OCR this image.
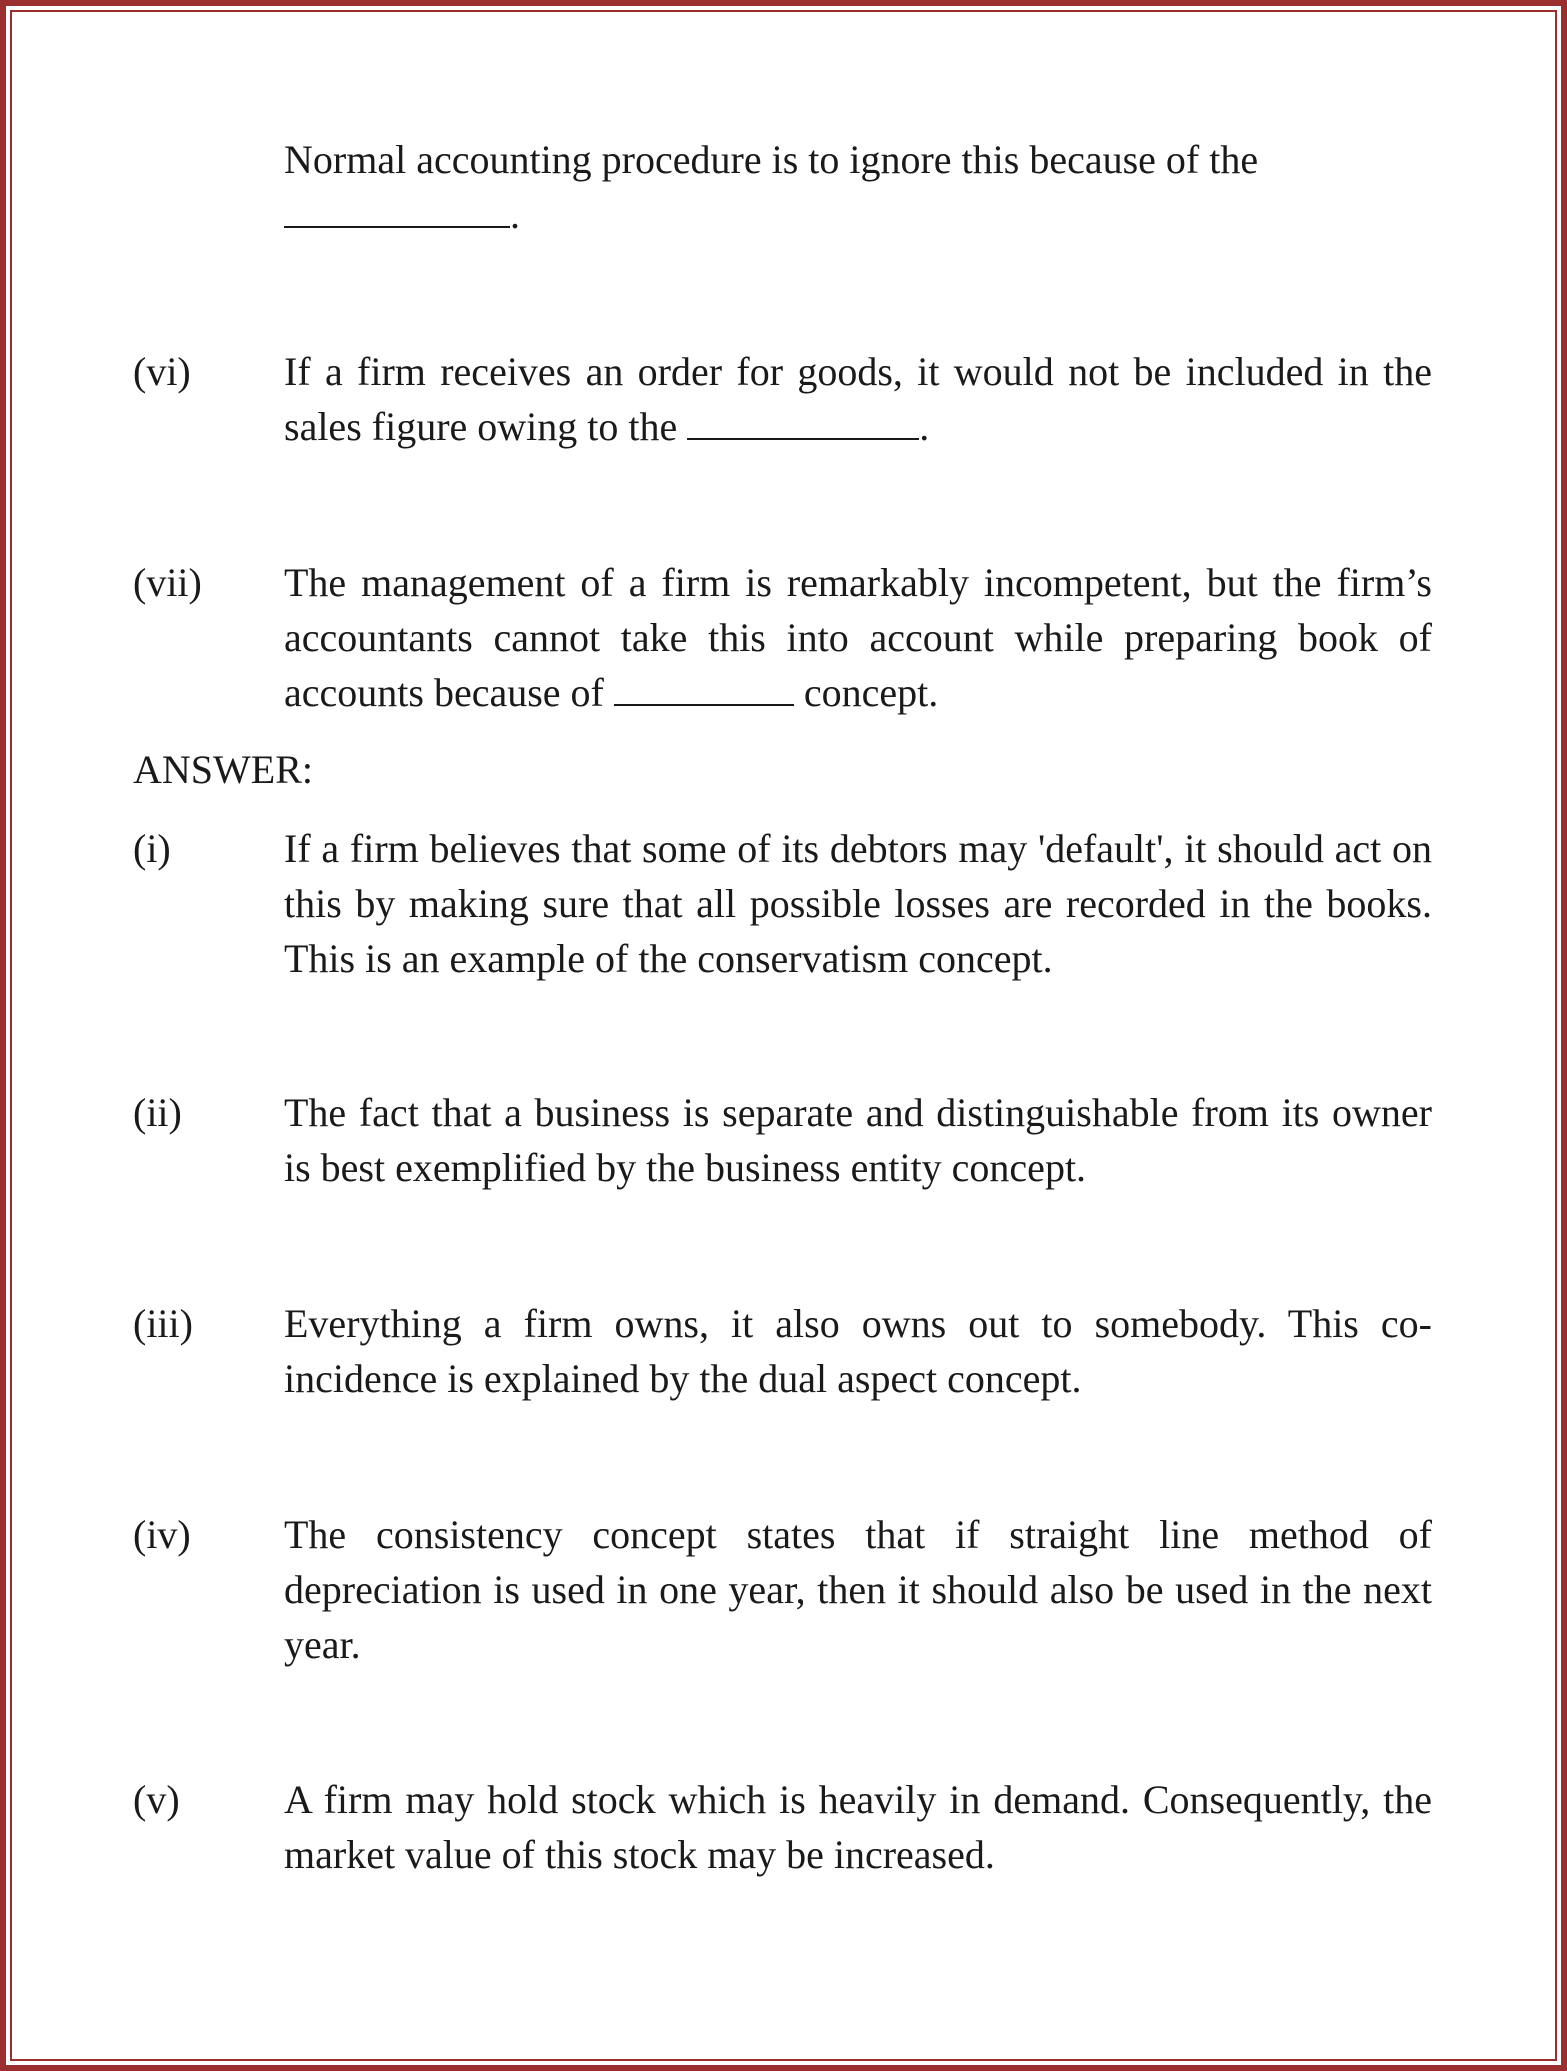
Normal accounting procedure is to ignore this because of the
.
(vi) If a firm receives an order for goods, it would not be included in the sales figure owing to the	.
(vii) The management of a firm is remarkably incompetent, but the firm’s accountants cannot take this into account while preparing book of accounts because of	concept.
ANSWER:
(i)	If a firm believes that some of its debtors may 'default', it should act on this by making sure that all possible losses are recorded in the books. This is an example of the conservatism concept.
(ii)	The fact that a business is separate and distinguishable from its owner is best exemplified by the business entity concept.
(iii) Everything a firm owns, it also owns out to somebody. This co-incidence is explained by the dual aspect concept.
(iv) The consistency concept states that if straight line method of depreciation is used in one year, then it should also be used in the next year.
(v)	A firm may hold stock which is heavily in demand. Consequently, the market value of this stock may be increased.
